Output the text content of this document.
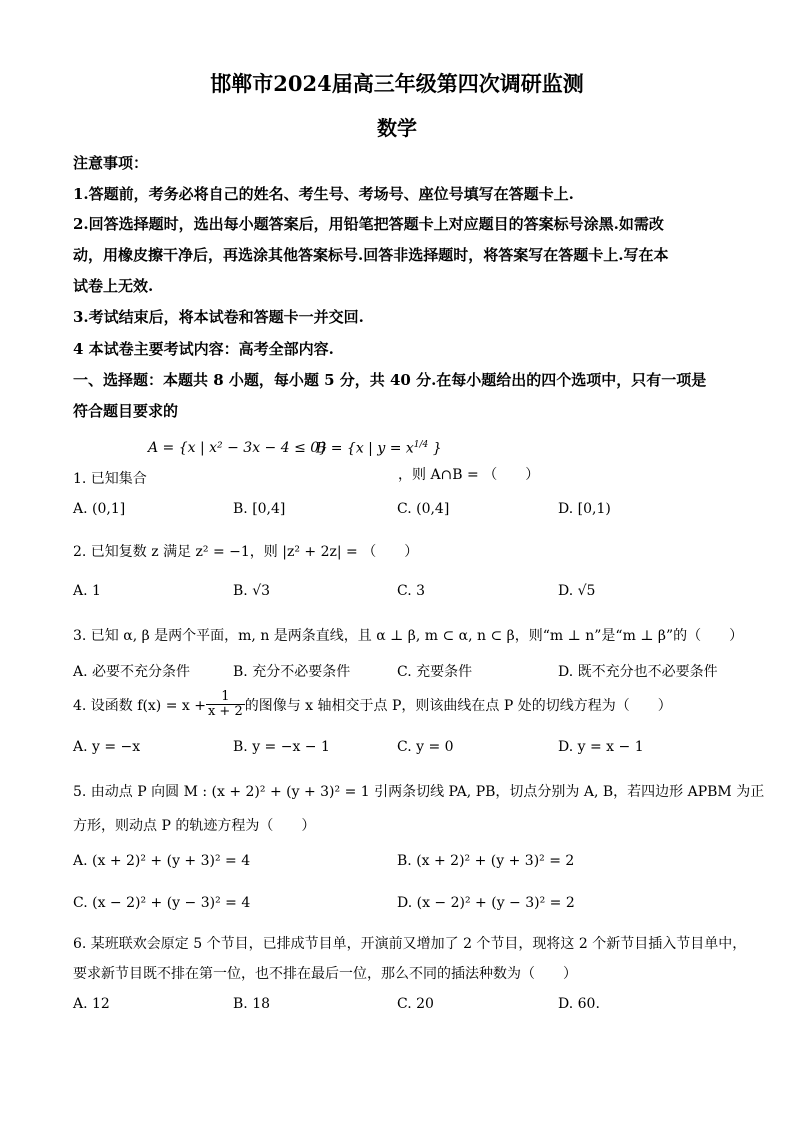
邯郸市2024届高三年级第四次调研监测
数学
注意事项：
1.答题前，考务必将自己的姓名、考生号、考场号、座位号填写在答题卡上.
2.回答选择题时，选出每小题答案后，用铅笔把答题卡上对应题目的答案标号涂黑.如需改
动，用橡皮擦干净后，再选涂其他答案标号.回答非选择题时，将答案写在答题卡上.写在本
试卷上无效.
3.考试结束后，将本试卷和答题卡一并交回.
4 本试卷主要考试内容：高考全部内容.
一、选择题：本题共 8 小题，每小题 5 分，共 40 分.在每小题给出的四个选项中，只有一项是
符合题目要求的
A = {x | x² − 3x − 4 ≤ 0}
B = {x | $y = x^{1/4}$ }
1. 已知集合	，则 A∩B = （　　）
A. (0,1]	B. [0,4]	C. (0,4]	D. [0,1)
2. 已知复数 z 满足 z² = −1，则 |z² + 2z| = （　　）
A. 1	B. √3	C. 3	D. √5
3. 已知 α, β 是两个平面，m, n 是两条直线，且 α ⊥ β, m ⊂ α, n ⊂ β，则“m ⊥ n”是“m ⊥ β”的（　　）
A. 必要不充分条件	B. 充分不必要条件	C. 充要条件	D. 既不充分也不必要条件
4. 设函数 $f(x) = x + \frac{1}{x + 2}$ 的图像与 x 轴相交于点 P，则该曲线在点 P 处的切线方程为（　　）
A. y = −x	B. y = −x − 1	C. y = 0	D. y = x − 1
5. 由动点 P 向圆 M : (x + 2)² + (y + 3)² = 1 引两条切线 PA, PB，切点分别为 A, B，若四边形 APBM 为正
方形，则动点 P 的轨迹方程为（　　）
A. (x + 2)² + (y + 3)² = 4	B. (x + 2)² + (y + 3)² = 2
C. (x − 2)² + (y − 3)² = 4	D. (x − 2)² + (y − 3)² = 2
6. 某班联欢会原定 5 个节目，已排成节目单，开演前又增加了 2 个节目，现将这 2 个新节目插入节目单中，
要求新节目既不排在第一位，也不排在最后一位，那么不同的插法种数为（　　）
A. 12	B. 18	C. 20	D. 60.
